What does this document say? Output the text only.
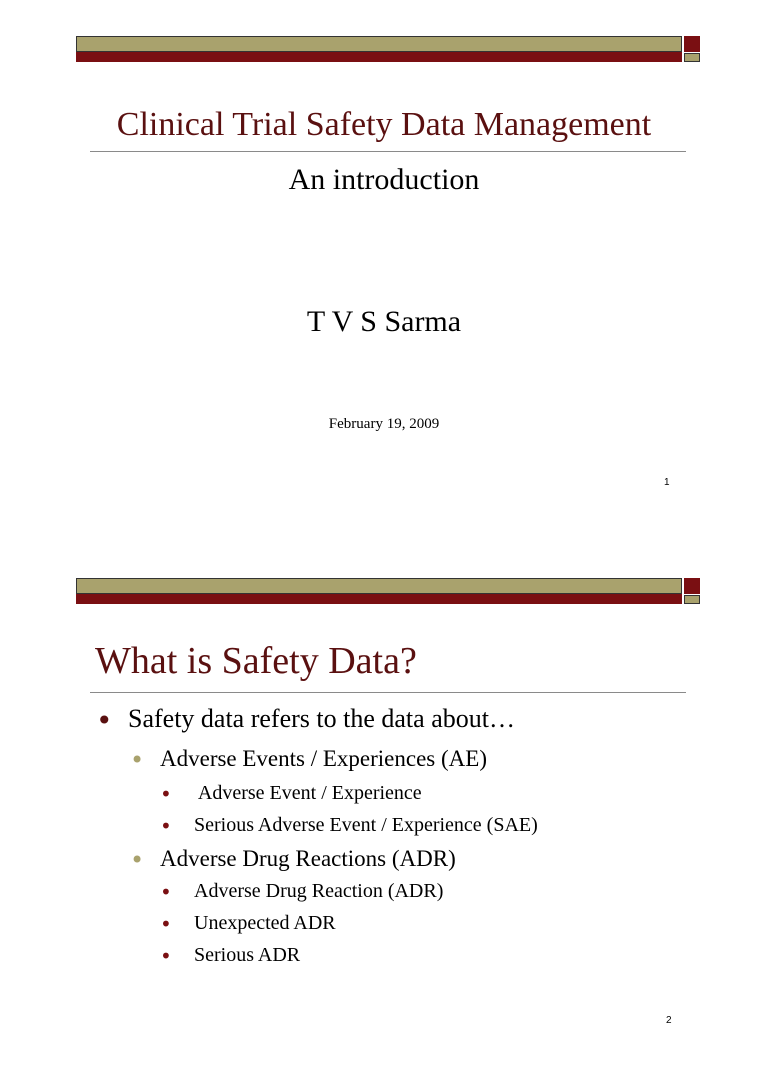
Clinical Trial Safety Data Management
An introduction
T V S Sarma
February 19, 2009
1
What is Safety Data?
• Safety data refers to the data about…
• Adverse Events / Experiences (AE)
• Adverse Event / Experience
• Serious Adverse Event / Experience (SAE)
• Adverse Drug Reactions (ADR)
• Adverse Drug Reaction (ADR)
• Unexpected ADR
• Serious ADR
2
